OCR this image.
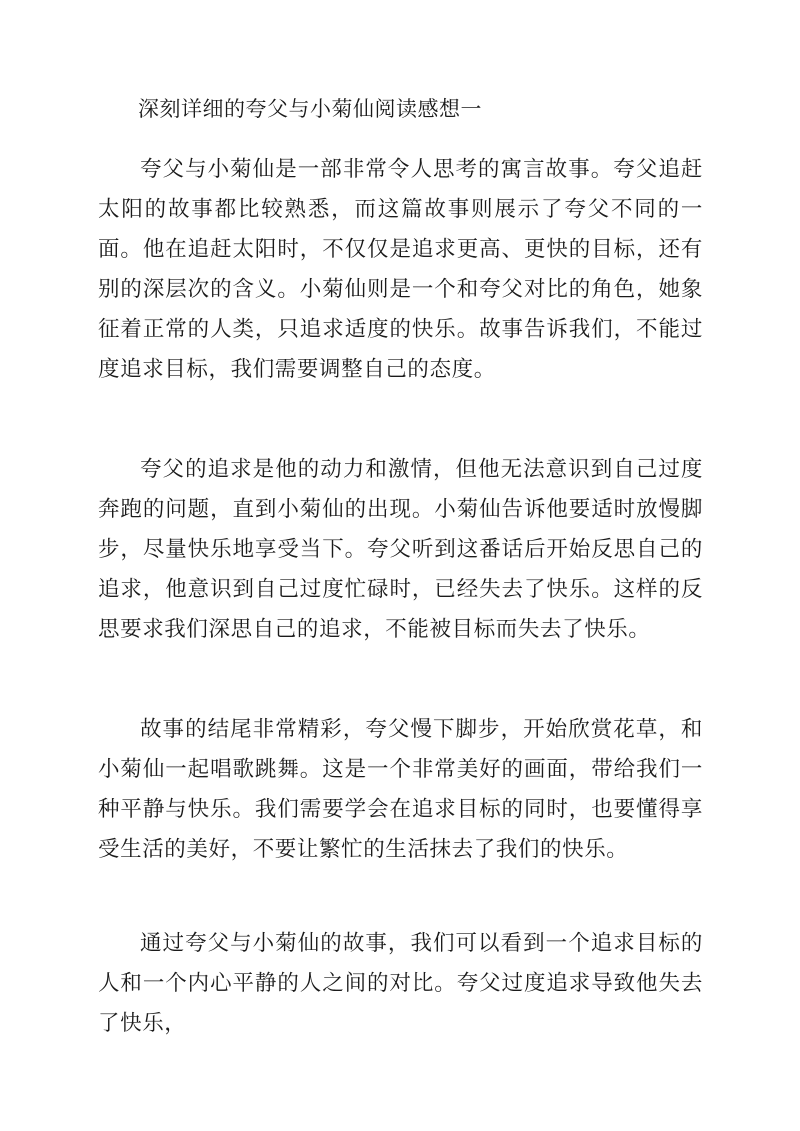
深刻详细的夸父与小菊仙阅读感想一

夸父与小菊仙是一部非常令人思考的寓言故事。夸父追赶太阳的故事都比较熟悉，而这篇故事则展示了夸父不同的一面。他在追赶太阳时，不仅仅是追求更高、更快的目标，还有别的深层次的含义。小菊仙则是一个和夸父对比的角色，她象征着正常的人类，只追求适度的快乐。故事告诉我们，不能过度追求目标，我们需要调整自己的态度。

夸父的追求是他的动力和激情，但他无法意识到自己过度奔跑的问题，直到小菊仙的出现。小菊仙告诉他要适时放慢脚步，尽量快乐地享受当下。夸父听到这番话后开始反思自己的追求，他意识到自己过度忙碌时，已经失去了快乐。这样的反思要求我们深思自己的追求，不能被目标而失去了快乐。

故事的结尾非常精彩，夸父慢下脚步，开始欣赏花草，和小菊仙一起唱歌跳舞。这是一个非常美好的画面，带给我们一种平静与快乐。我们需要学会在追求目标的同时，也要懂得享受生活的美好，不要让繁忙的生活抹去了我们的快乐。

通过夸父与小菊仙的故事，我们可以看到一个追求目标的人和一个内心平静的人之间的对比。夸父过度追求导致他失去了快乐，
